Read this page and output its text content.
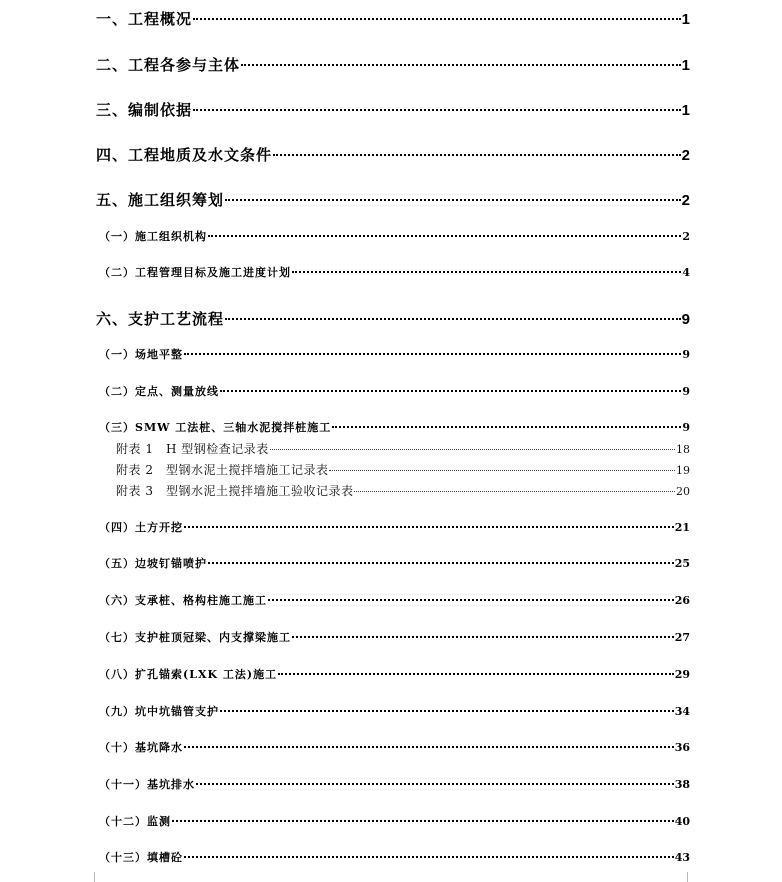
一、工程概况	1
二、工程各参与主体	1
三、编制依据	1
四、工程地质及水文条件	2
五、施工组织筹划	2
（一）施工组织机构	2
（二）工程管理目标及施工进度计划	4
六、支护工艺流程	9
（一）场地平整	9
（二）定点、测量放线	9
（三）SMW 工法桩、三轴水泥搅拌桩施工	9
附表 1　H 型钢检查记录表	18
附表 2　型钢水泥土搅拌墙施工记录表	19
附表 3　型钢水泥土搅拌墙施工验收记录表	20
（四）土方开挖	21
（五）边坡钉锚喷护	25
（六）支承桩、格构柱施工施工	26
（七）支护桩顶冠梁、内支撑梁施工	27
（八）扩孔锚索(LXK 工法)施工	29
（九）坑中坑锚管支护	34
（十）基坑降水	36
（十一）基坑排水	38
（十二）监测	40
（十三）填槽砼	43
